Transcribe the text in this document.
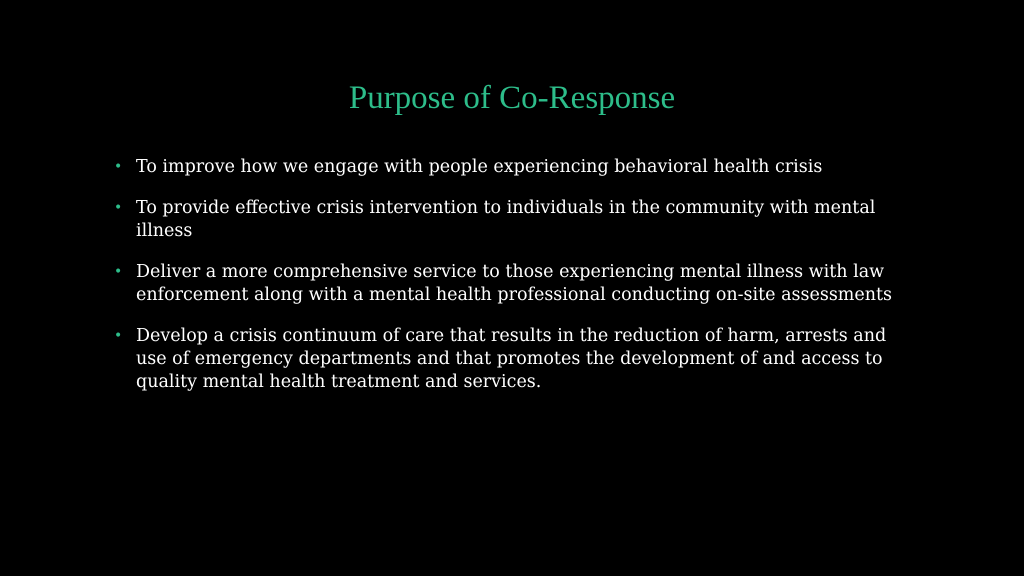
Purpose of Co-Response
• To improve how we engage with people experiencing behavioral health crisis
• To provide effective crisis intervention to individuals in the community with mental illness
• Deliver a more comprehensive service to those experiencing mental illness with law enforcement along with a mental health professional conducting on-site assessments
• Develop a crisis continuum of care that results in the reduction of harm, arrests and use of emergency departments and that promotes the development of and access to quality mental health treatment and services.
